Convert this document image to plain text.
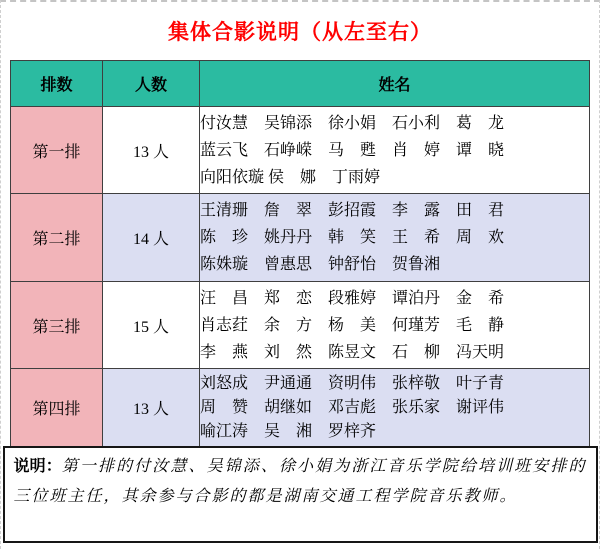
集体合影说明（从左至右）
排数	人数	姓名
第一排	13 人	付汝慧　吴锦添　徐小娟　石小利　葛　龙
蓝云飞　石峥嵘　马　甦　肖　婷　谭　晓
向阳依璇 侯　娜　丁雨婷

第二排	14 人	王清珊　詹　翠　彭招霞　李　露　田　君
陈　珍　姚丹丹　韩　笑　王　希　周　欢
陈姝璇　曾惠思　钟舒怡　贺鲁湘

第三排	15 人	汪　昌　郑　恋　段雅婷　谭泊丹　金　希
肖志荭　余　方　杨　美　何瑾芳　毛　静
李　燕　刘　然　陈昱文　石　柳　冯天明

第四排	13 人	刘怒成　尹通通　资明伟　张梓敬　叶子青
周　赞　胡继如　邓吉彪　张乐家　谢评伟
喻江涛　吴　湘　罗梓齐
说明：第一排的付汝慧、吴锦添、徐小娟为浙江音乐学院给培训班安排的三位班主任，其余参与合影的都是湖南交通工程学院音乐教师。
